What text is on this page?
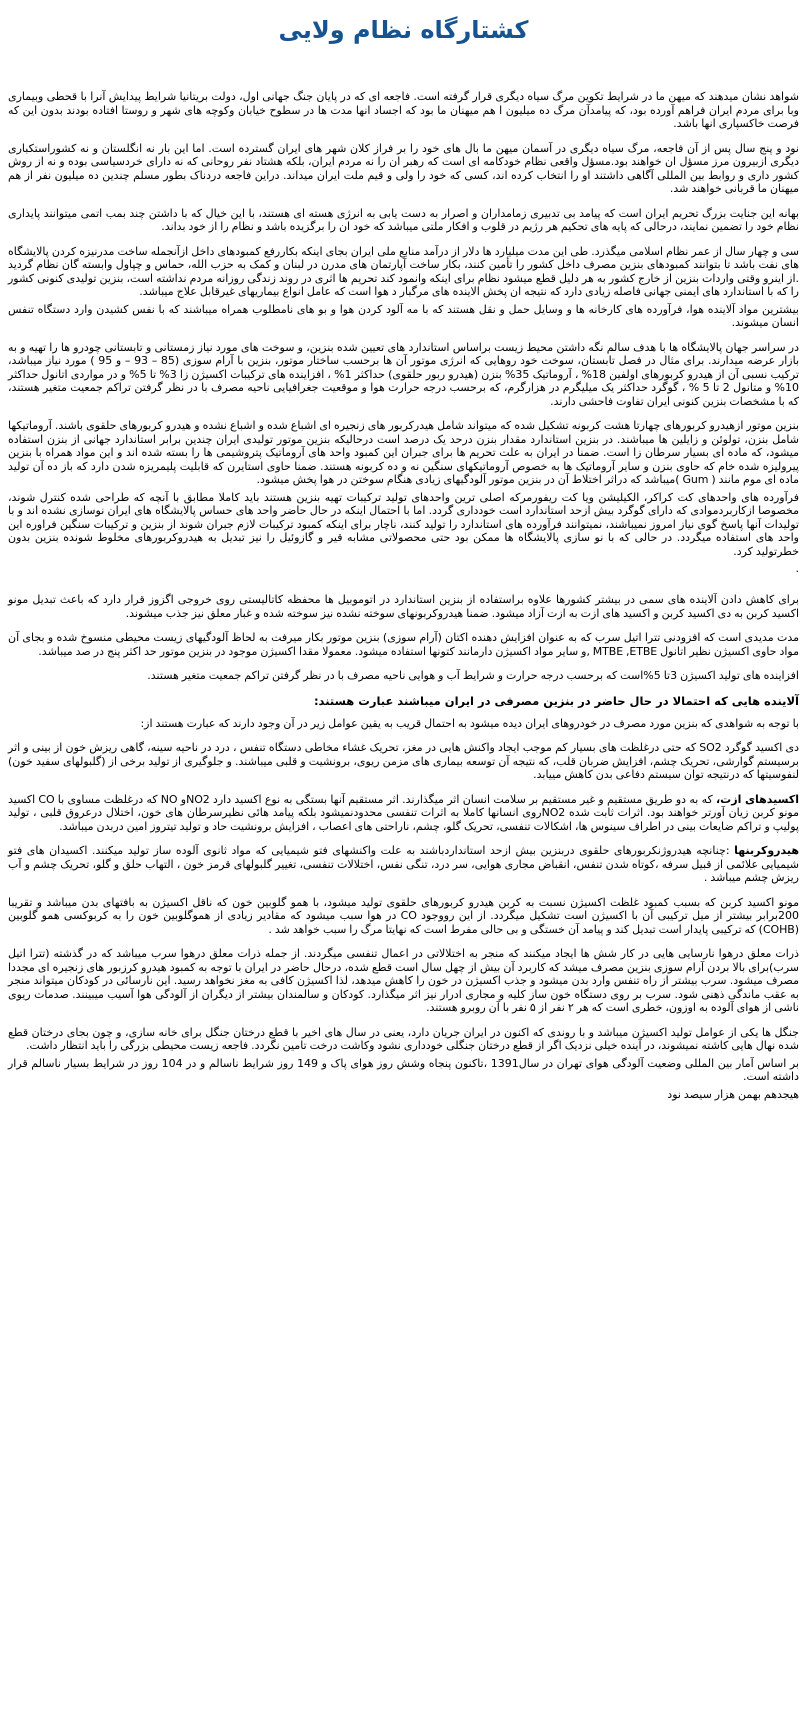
کشتارگاه نظام ولایی

شواهد نشان میدهند که میهن ما در شرایط تکوین مرگ سیاه دیگری قرار گرفته است. فاجعه ای که در پایان جنگ جهانی اول، دولت بریتانیا شرایط پیدایش آنرا با قحطی وبیماری وبا برای مردم ایران فراهم آورده بود، که پیامدآن مرگ ده میلیون ا هم میهنان ما بود که اجساد انها مدت ها در سطوح خیابان وکوچه های شهر و روستا افتاده بودند بدون این که فرصت خاکسپاری انها باشد.

نود و پنج سال پس از آن فاجعه، مرگ سیاه دیگری در آسمان میهن ما بال های خود را بر فراز کلان شهر های ایران گسترده است. اما این بار نه انگلستان و نه کشوراستکباری دیگری ازبیرون مرز مسؤل ان خواهند بود.مسؤل واقعی نظام خودکامه ای است که رهبر ان را نه مردم ایران، بلکه هشتاد نفر روحانی که نه دارای خردسیاسی بوده و نه از روش کشور داری و روابط بین المللی آگاهی داشتند او را انتخاب کرده اند، کسی که خود را ولی و قیم ملت ایران میداند. دراین فاجعه دردناک بطور مسلم چندین ده میلیون نفر از هم میهنان ما قربانی خواهند شد.

بهانه این جنایت بزرگ تحریم ایران است که پیامد بی تدبیری زمامداران و اصرار به دست یابی به انرژی هسته ای هستند، با این خیال که با داشتن چند بمب اتمی میتوانند پایداری نظام خود را تضمین نمایند، درحالی که پایه های تحکیم هر رژیم در قلوب و افکار ملتی میباشد که خود ان را برگزیده باشد و نظام را از خود بداند.

سی و چهار سال از عمر نظام اسلامی میگذرد. طی این مدت میلیارد ها دلار از درآمد منابع ملی ایران بجای اینکه بکاررفع کمبودهای داخل ازآنجمله ساخت مدرنیزه کردن پالایشگاه های نفت باشد تا بتوانند کمبودهای بنزین مصرف داخل کشور را تأمین کنند، بکار ساخت آپارتمان های مدرن در لبنان و کمک به حزب الله، حماس و چپاول وابسته گان نظام گردید .از اینرو وقتی واردات بنزین از خارج کشور به هر دلیل قطع میشود نظام برای اینکه وانمود کند تحریم ها اثری در روند زندگی روزانه مردم نداشته است، بنزین تولیدی کنونی کشور را که با استاندارد های ایمنی جهانی فاصله زیادی دارد که نتیجه ان پخش الاینده های مرگبار د هوا است که عامل انواع بیماریهای غیرقابل علاج میباشد.

بیشترین مواد آلاینده هوا، فرآورده های کارخانه ها و وسایل حمل و نقل هستند که با مه آلود کردن هوا و بو های نامطلوب همراه میباشند که با نفس کشیدن وارد دستگاه تنفس انسان میشوند.

در سراسر جهان پالایشگاه ها با هدف سالم نگه داشتن محیط زیست براساس استاندارد های تعیین شده بنزین، و سوخت های مورد نیاز زمستانی و تابستانی چودرو ها را تهیه و به بازار عرضه میدارند. برای مثال در فصل تابستان، سوخت خود روهایی که انرژی موتور آن ها برحسب ساختار موتور، بنزین با آرام سوزی (85 – 93 – و 95 ) مورد نیاز میباشد، ترکیب نسبی آن از هیدرو کربورهای اولفین 18% ، آروماتیک 35% بنزن (هیدرو ربور حلقوی) حداکثر 1% ، افزاینده های ترکیبات اکسیژن زا 3% تا 5% و در مواردی اتانول حداکثر 10% و متانول 2 تا 5 % ، گوگرد حداکثر یک میلیگرم در هزارگرم، که برحسب درجه حرارت هوا و موقعیت جغرافیایی ناحیه مصرف با در نظر گرفتن تراکم جمعیت متغیر هستند، که با مشخصات بنزین کنونی ایران تفاوت فاحشی دارند.

بنزین موتور ازهیدرو کربورهای چهارتا هشت کربونه تشکیل شده که میتواند شامل هیدرکربور های زنجیره ای اشباع شده و اشباع نشده و هیدرو کربورهای حلقوی باشند. آروماتیکها شامل بنزن، تولوئن و زایلین ها میباشند. در بنزین استاندارد مقدار بنزن درحد یک درصد است درحالیکه بنزین موتور تولیدی ایران چندین برابر استاندارد جهانی از بنزن استفاده میشود، که ماده ای بسیار سرطان زا است. ضمنا در ایران به علت تحریم ها برای جبران این کمبود واحد های آروماتیک پتروشیمی ها را بسته شده اند و این مواد همراه با بنزین پیرولیزه شده خام که حاوی بنزن و سایر آروماتیک ها به خصوص آروماتیکهای سنگین نه و ده کربونه هستند. ضمنا حاوی استایرن که قابلیت پلیمریزه شدن دارد که باز ده آن تولید ماده ای موم مانند ( Gum )میباشد که دراثر اختلاط آن در بنزین موتور آلودگیهای زیادی هنگام سوختن در هوا پخش میشود.

فرآورده های واحدهای کت کراکر، الکیلیشن ویا کت ریفورمرکه اصلی ترین واحدهای تولید ترکیبات تهیه بنزین هستند باید کاملا مطابق با آنچه که طراحی شده کنترل شوند، مخصوصا ازکاربردموادی که دارای گوگرد بیش ازحد استاندارد است خودداری گردد. اما با احتمال اینکه در حال حاضر واحد های حساس پالایشگاه های ایران نوسازی نشده اند و با تولیدات آنها پاسخ گوی نیاز امروز نمیباشند، نمیتوانند فرآورده های استاندارد را تولید کنند، ناچار برای اینکه کمبود ترکیبات لازم جبران شوند از بنزین و ترکیبات سنگین فراوره این واحد های استفاده میگردد. در حالی که با نو سازی پالایشگاه ها ممکن بود حتی محصولاتی مشابه قیر و گازوئیل را نیز تبدیل به هیدروکربورهای مخلوط شونده بنزین بدون خطرتولید کرد.

.

برای کاهش دادن آلاینده های سمی در بیشتر کشورها علاوه براستفاده از بنزین استاندارد در اتوموبیل ها محفظه کاتالیستی روی خروجی اگزوز قرار دارد که باعث تبدیل مونو اکسید کربن به دی اکسید کربن و اکسید های ازت به ازت آزاد میشود. ضمنا هیدروکربونهای سوخته نشده نیز سوخته شده و غبار معلق نیز جذب میشوند.

مدت مدیدی است که افزودنی تترا اتیل سرب که به عنوان افزایش دهنده اکتان (آرام سوزی) بنزین موتور بکار میرفت به لحاظ آلودگیهای زیست محیطی منسوخ شده و بجای آن مواد حاوی اکسیژن نظیر اتانول MTBE ,ETBE ,و سایر مواد اکسیژن دارمانند کتونها استفاده میشود. معمولا مقدا اکسیژن موجود در بنزین موتور حد اکثر پنج در صد میباشد.

افزاینده های تولید اکسیژن 3تا 5%است که برحسب درجه حرارت و شرایط آب و هوایی ناحیه مصرف با در نظر گرفتن تراکم جمعیت متغیر هستند.

آلاینده هایی که احتمالا در حال حاضر در بنزین مصرفی در ایران میباشند عبارت هستند:

با توجه به شواهدی که بنزین مورد مصرف در خودروهای ایران دیده میشود به احتمال قریب به یقین عوامل زیر در آن وجود دارند که عبارت هستند از:

دی اکسید گوگرد SO2 که حتی درغلظت های بسیار کم موجب ایجاد واکنش هایی در مغز، تحریک غشاء مخاطی دستگاه تنفس ، درد در ناحیه سینه، گاهی ریزش خون از بینی و اثر برسیستم گوارشی، تحریک چشم، افزایش ضربان قلب، که نتیجه آن توسعه بیماری های مزمن ریوی، برونشیت و قلبی میباشند. و جلوگیری از تولید برخی از (گلبولهای سفید خون) لنفوسیتها که درنتیجه توان سیستم دفاعی بدن کاهش مییابد.

اکسیدهای ازت، که به دو طریق مستقیم و غیر مستقیم بر سلامت انسان اثر میگذارند. اثر مستقیم آنها بستگی به نوع اکسید دارد NO2و NO که درغلظت مساوی با CO اکسید مونو کربن زیان آورتر خواهند بود. اثرات ثابت شده NO2روی انسانها کاملا به اثرات تنفسی محدودنمیشود بلکه پیامد هائی نظیرسرطان های خون، اختلال درعروق قلبی ، تولید پولیپ و تراکم ضایعات بینی در اطراف سینوس ها، اشکالات تنفسی، تحریک گلو، چشم، ناراحتی های اعصاب ، افزایش برونشیت حاد و تولید تیتروز امین دربدن میباشد.

هیدروکربنها :چنانچه هیدروژنکربورهای حلقوی دربنزین بیش ازحد استانداردباشند به علت واکنشهای فتو شیمیایی که مواد ثانوی آلوده ساز تولید میکنند. اکسیدان های فتو شیمیایی علائمی از قبیل سرفه ،کوتاه شدن تنفس، انقباض مجاری هوایی، سر درد، تنگی نفس، اختلالات تنفسی، تغییر گلبولهای قرمز خون ، التهاب حلق و گلو، تحریک چشم و آب ریزش چشم میباشد .

مونو اکسید کربن که بسبب کمبود غلظت اکسیژن نسبت به کربن هیدرو کربورهای حلقوی تولید میشود، با همو گلوبین خون که ناقل اکسیژن به بافتهای بدن میباشد و تقریبا 200برابر بیشتر از میل ترکیبی آن با اکسیژن است تشکیل میگردد. از این رووجود CO در هوا سبب میشود که مقادیر زیادی از هموگلوبین خون را به کربوکسی همو گلوبین (COHB) که ترکیبی پایدار است تبدیل کند و پیامد آن خستگی و بی حالی مفرط است که نهایتا مرگ را سبب خواهد شد .

ذرات معلق درهوا نارسایی هایی در کار شش ها ایجاد میکنند که منجر به اختلالاتی در اعمال تنفسی میگردند. از جمله ذرات معلق درهوا سرب میباشد که در گذشته (تترا اتیل سرب)برای بالا بردن آرام سوزی بنزین مصرف میشد که کاربرد آن بیش از چهل سال است قطع شده، درحال حاضر در ایران با توجه به کمبود هیدرو کرزبور های زنجیره ای مجددا مصرف میشود. سرب بیشتر از راه تنفس وارد بدن میشود و جذب اکسیژن در خون را کاهش میدهد، لذا اکسیژن کافی به مغز نخواهد رسید. این نارسائی در کودکان میتواند منجر به عقب ماندگی ذهنی شود. سرب بر روی دستگاه خون ساز کلیه و مجاری ادرار نیز اثر میگذارد. کودکان و سالمندان بیشتر از دیگران از آلودگی هوا آسیب میبینند. صدمات ریوی ناشی از هوای آلوده به اوزون، خطری است که هر ۲ نفر از ۵ نفر با آن روبرو هستند.

جنگل ها یکی از عوامل تولید اکسیژن میباشد و با روندی که اکنون در ایران جریان دارد، یعنی در سال های اخیر با قطع درختان جنگل برای خانه سازی، و چون بجای درختان قطع شده نهال هایی کاشته نمیشوند، در آینده خیلی نزدیک اگر از قطع درختان جنگلی خودداری نشود وکاشت درخت تامین نگردد. فاجعه زیست محیطی بزرگی را باید انتظار داشت.

بر اساس آمار بین المللی وضعیت آلودگی هوای تهران در سال1391 ،تاکنون پنجاه وشش روز هوای پاک و 149 روز شرایط ناسالم و در 104 روز در شرایط بسیار ناسالم قرار داشته است.

هیجدهم بهمن هزار سیصد نود
